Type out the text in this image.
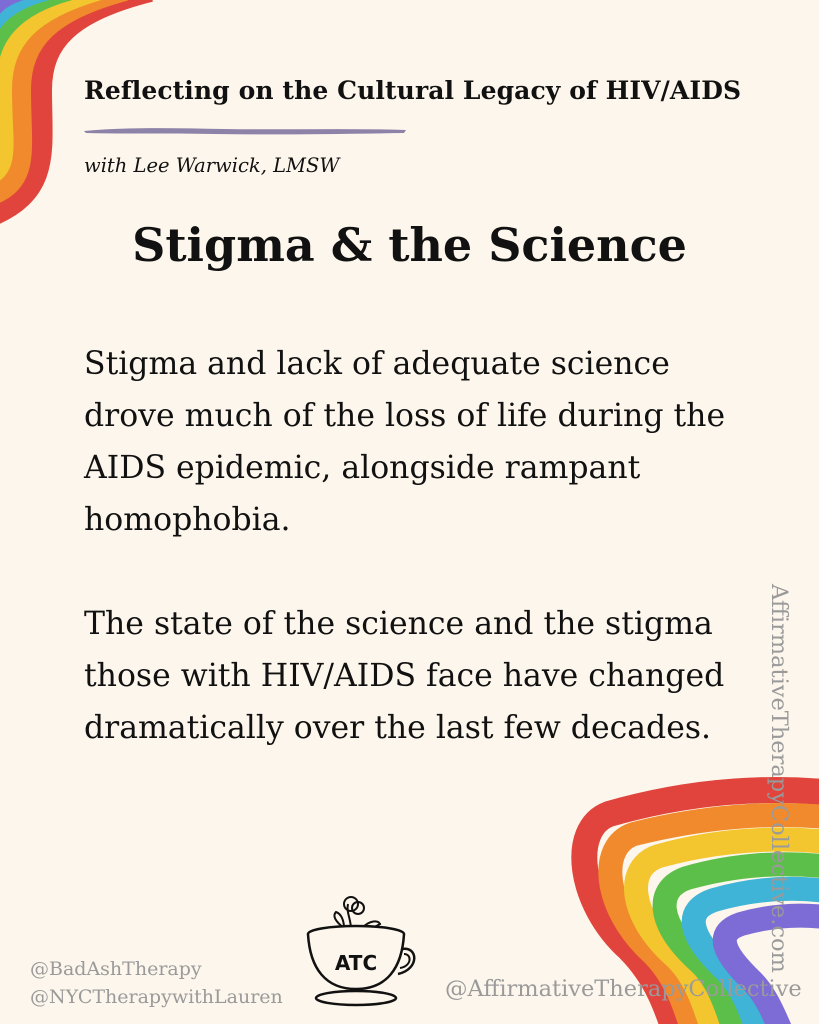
Reflecting on the Cultural Legacy of HIV/AIDS
with Lee Warwick, LMSW
Stigma & the Science

Stigma and lack of adequate science drove much of the loss of life during the AIDS epidemic, alongside rampant homophobia.

The state of the science and the stigma those with HIV/AIDS face have changed dramatically over the last few decades.	AffirmativeTherapyCollective.com
@BadAshTherapy
@NYCTherapywithLauren	@AffirmativeTherapyCollective
ATC
